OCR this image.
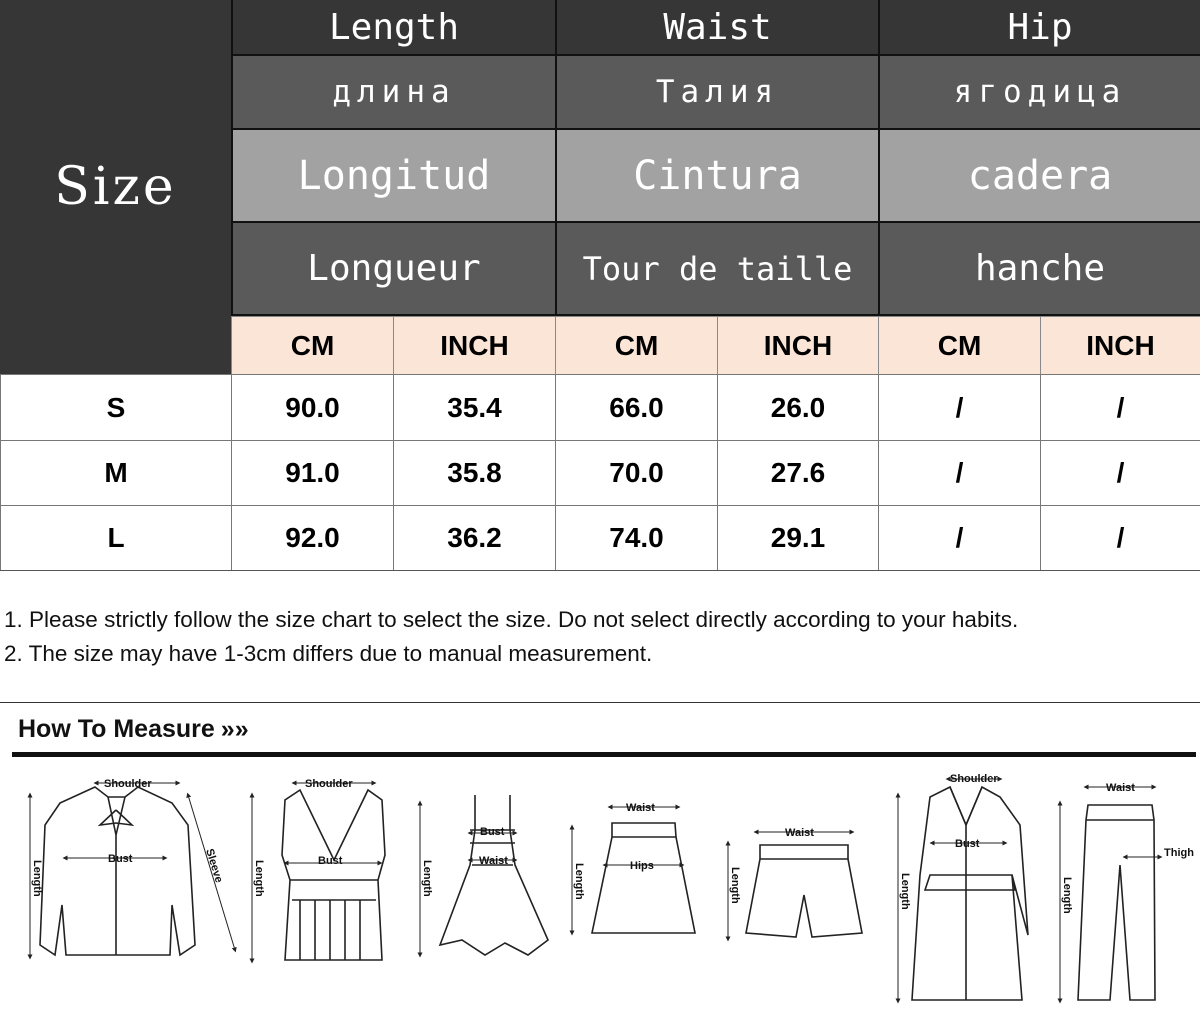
Size
Length	Waist	Hip
длина	Талия	ягодица
Longitud	Cintura	cadera
Longueur	Tour de taille	hanche
CM	INCH	CM	INCH	CM	INCH
S	90.0	35.4	66.0	26.0	/	/
M	91.0	35.8	70.0	27.6	/	/
L	92.0	36.2	74.0	29.1	/	/
1. Please strictly follow the size chart to select the size. Do not select directly according to your habits.
2. The size may have 1-3cm differs due to manual measurement.
How To Measure »»
Shoulder
Bust
Length	Sleeve
Shoulder
Bust
Length
Bust
Waist
Length
Waist
Hips
Length
Waist
Length
Shoulder
Bust
Length
Waist
Thigh
Length
